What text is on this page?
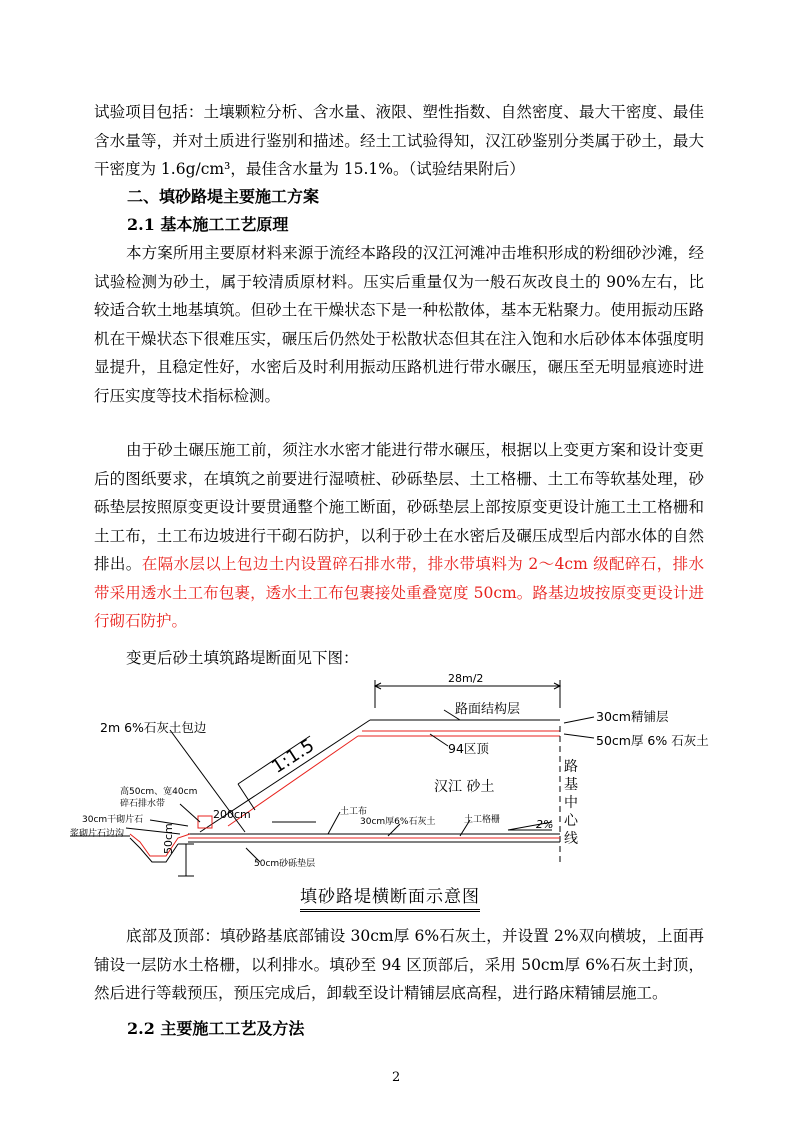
试验项目包括：土壤颗粒分析、含水量、液限、塑性指数、自然密度、最大干密度、最佳含水量等，并对土质进行鉴别和描述。经土工试验得知，汉江砂鉴别分类属于砂土，最大干密度为 1.6g/cm³，最佳含水量为 15.1%。（试验结果附后）

二、填砂路堤主要施工方案

2.1 基本施工工艺原理

本方案所用主要原材料来源于流经本路段的汉江河滩冲击堆积形成的粉细砂沙滩，经试验检测为砂土，属于较清质原材料。压实后重量仅为一般石灰改良土的 90%左右，比较适合软土地基填筑。但砂土在干燥状态下是一种松散体，基本无粘聚力。使用振动压路机在干燥状态下很难压实，碾压后仍然处于松散状态但其在注入饱和水后砂体本体强度明显提升，且稳定性好，水密后及时利用振动压路机进行带水碾压，碾压至无明显痕迹时进行压实度等技术指标检测。

由于砂土碾压施工前，须注水水密才能进行带水碾压，根据以上变更方案和设计变更后的图纸要求，在填筑之前要进行湿喷桩、砂砾垫层、土工格栅、土工布等软基处理，砂砾垫层按照原变更设计要贯通整个施工断面，砂砾垫层上部按原变更设计施工土工格栅和土工布，土工布边坡进行干砌石防护，以利于砂土在水密后及碾压成型后内部水体的自然排出。在隔水层以上包边土内设置碎石排水带，排水带填料为 2～4cm 级配碎石，排水带采用透水土工布包裹，透水土工布包裹接处重叠宽度 50cm。路基边坡按原变更设计进行砌石防护。

变更后砂土填筑路堤断面见下图：

28m/2
路面结构层	30cm精铺层
50cm厚 6% 石灰土
94区顶
2m 6%石灰土包边
1:1.5
汉江 砂土
路基中心线
高50cm、宽40cm
碎石排水带
30cm干砌片石
浆砌片石边沟
200cm	土工布
30cm厚6%石灰土	土工格栅	2%
50cm砂砾垫层
50cm
填砂路堤横断面示意图

底部及顶部：填砂路基底部铺设 30cm厚 6%石灰土，并设置 2%双向横坡，上面再铺设一层防水土格栅，以利排水。填砂至 94 区顶部后，采用 50cm厚 6%石灰土封顶，然后进行等载预压，预压完成后，卸载至设计精铺层底高程，进行路床精铺层施工。

2.2 主要施工工艺及方法

2
